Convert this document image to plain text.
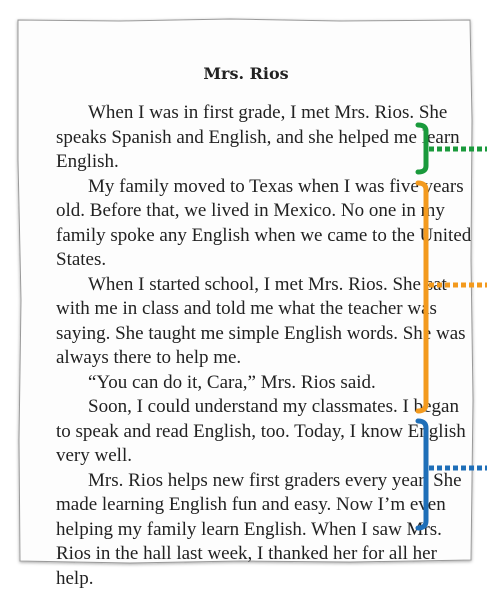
Mrs. Rios

When I was in first grade, I met Mrs. Rios. She speaks Spanish and English, and she helped me learn English.

My family moved to Texas when I was five years old. Before that, we lived in Mexico. No one in my family spoke any English when we came to the United States.

When I started school, I met Mrs. Rios. She sat with me in class and told me what the teacher was saying. She taught me simple English words. She was always there to help me.

“You can do it, Cara,” Mrs. Rios said.

Soon, I could understand my classmates. I began to speak and read English, too. Today, I know English very well.

Mrs. Rios helps new first graders every year. She made learning English fun and easy. Now I’m even helping my family learn English. When I saw Mrs. Rios in the hall last week, I thanked her for all her help.
